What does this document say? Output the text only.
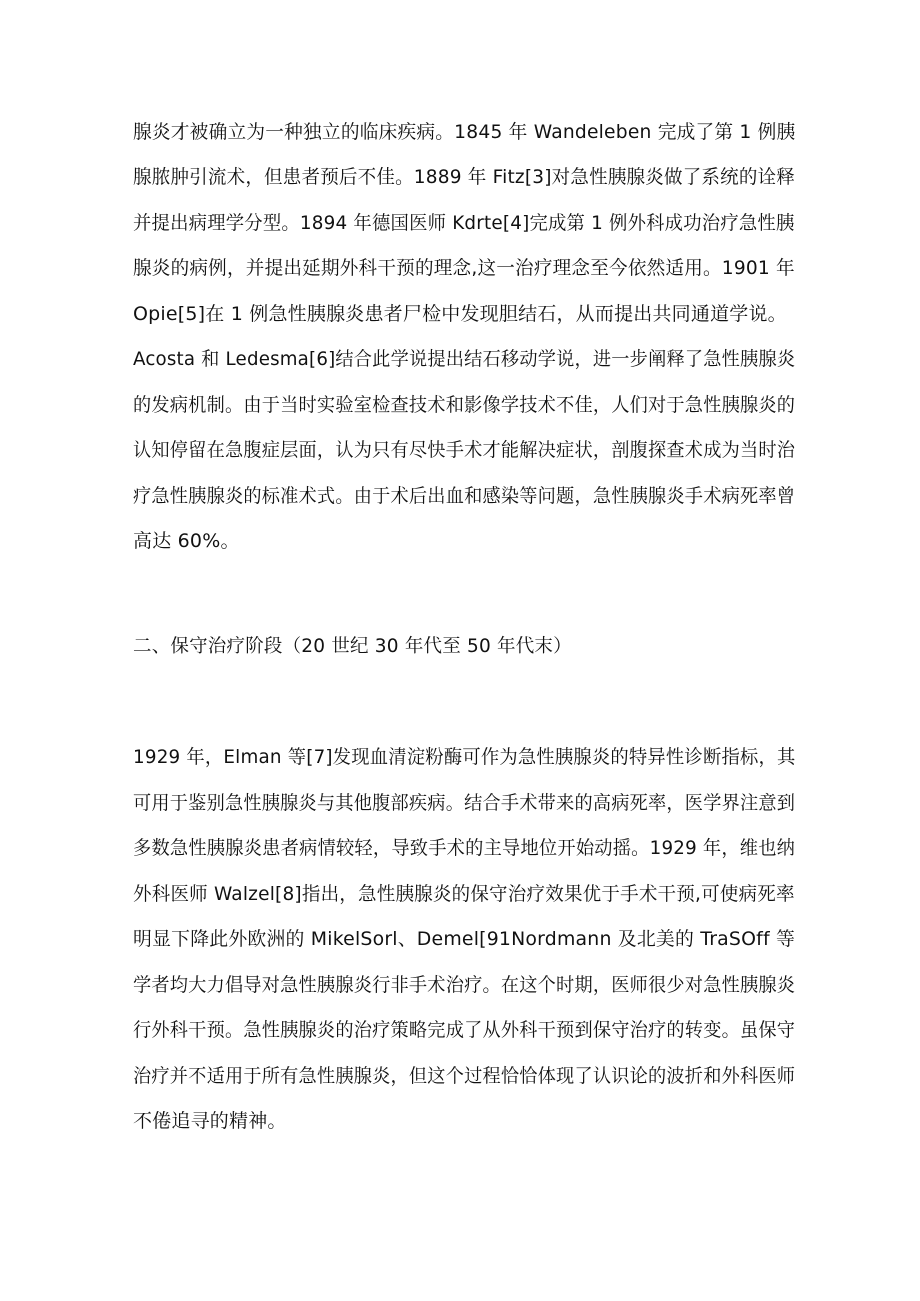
腺炎才被确立为一种独立的临床疾病。1845 年 Wandeleben 完成了第 1 例胰
腺脓肿引流术，但患者预后不佳。1889 年 Fitz[3]对急性胰腺炎做了系统的诠释
并提出病理学分型。1894 年德国医师 Kdrte[4]完成第 1 例外科成功治疗急性胰
腺炎的病例，并提出延期外科干预的理念,这一治疗理念至今依然适用。1901 年
Opie[5]在 1 例急性胰腺炎患者尸检中发现胆结石，从而提出共同通道学说。
Acosta 和 Ledesma[6]结合此学说提出结石移动学说，进一步阐释了急性胰腺炎
的发病机制。由于当时实验室检查技术和影像学技术不佳，人们对于急性胰腺炎的
认知停留在急腹症层面，认为只有尽快手术才能解决症状，剖腹探查术成为当时治
疗急性胰腺炎的标准术式。由于术后出血和感染等问题，急性胰腺炎手术病死率曾
高达 60%。
二、保守治疗阶段（20 世纪 30 年代至 50 年代末）
1929 年，Elman 等[7]发现血清淀粉酶可作为急性胰腺炎的特异性诊断指标，其
可用于鉴别急性胰腺炎与其他腹部疾病。结合手术带来的高病死率，医学界注意到
多数急性胰腺炎患者病情较轻，导致手术的主导地位开始动摇。1929 年，维也纳
外科医师 Walzel[8]指出，急性胰腺炎的保守治疗效果优于手术干预,可使病死率
明显下降此外欧洲的 MikelSorl、Demel[91Nordmann 及北美的 TraSOff 等
学者均大力倡导对急性胰腺炎行非手术治疗。在这个时期，医师很少对急性胰腺炎
行外科干预。急性胰腺炎的治疗策略完成了从外科干预到保守治疗的转变。虽保守
治疗并不适用于所有急性胰腺炎，但这个过程恰恰体现了认识论的波折和外科医师
不倦追寻的精神。
